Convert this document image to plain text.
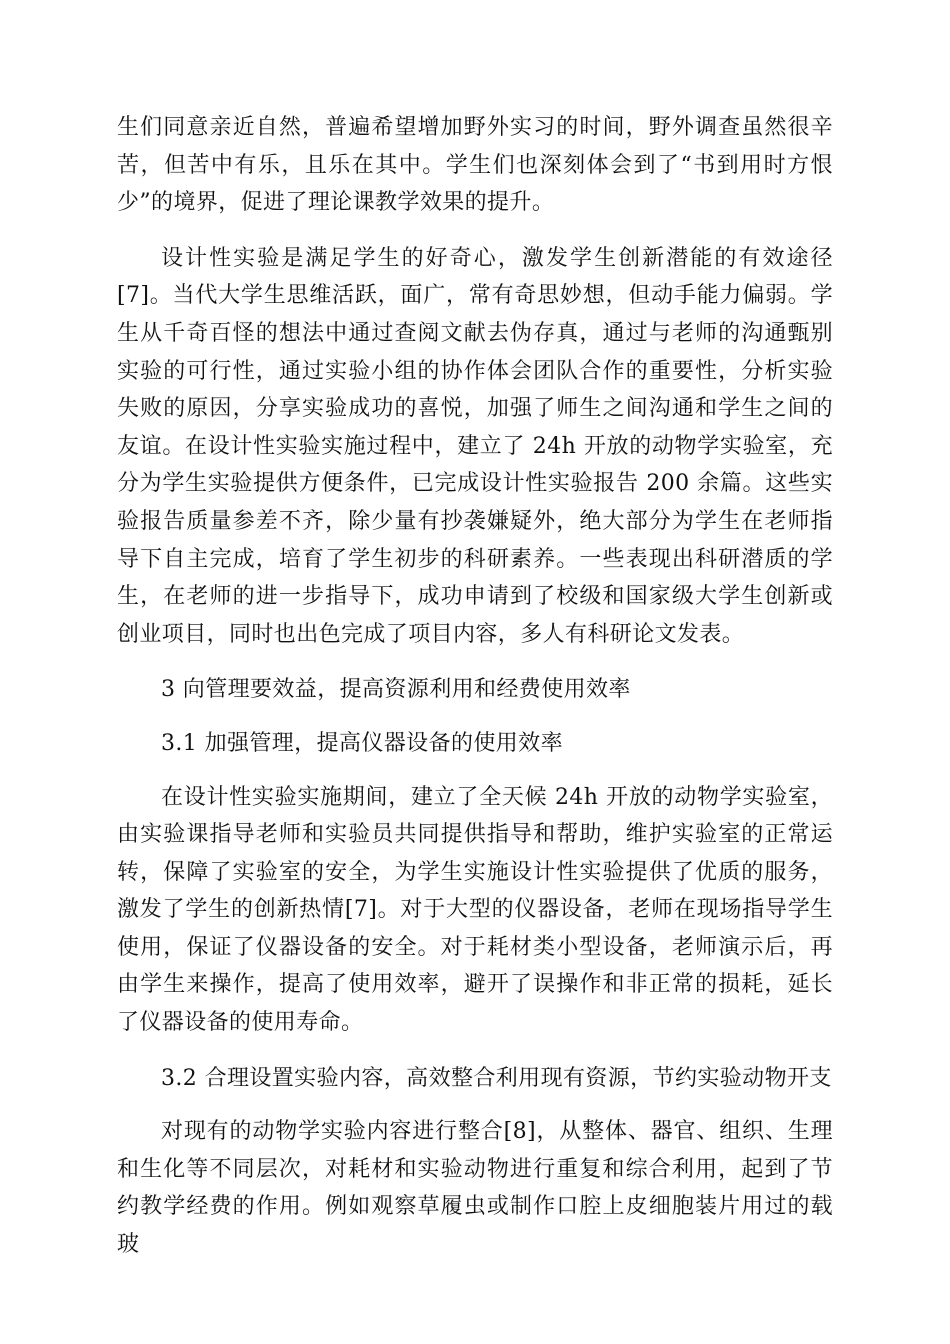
生们同意亲近自然，普遍希望增加野外实习的时间，野外调查虽然很辛苦，但苦中有乐，且乐在其中。学生们也深刻体会到了“书到用时方恨少”的境界，促进了理论课教学效果的提升。

设计性实验是满足学生的好奇心，激发学生创新潜能的有效途径[7]。当代大学生思维活跃，面广，常有奇思妙想，但动手能力偏弱。学生从千奇百怪的想法中通过查阅文献去伪存真，通过与老师的沟通甄别实验的可行性，通过实验小组的协作体会团队合作的重要性，分析实验失败的原因，分享实验成功的喜悦，加强了师生之间沟通和学生之间的友谊。在设计性实验实施过程中，建立了 24h 开放的动物学实验室，充分为学生实验提供方便条件，已完成设计性实验报告 200 余篇。这些实验报告质量参差不齐，除少量有抄袭嫌疑外，绝大部分为学生在老师指导下自主完成，培育了学生初步的科研素养。一些表现出科研潜质的学生，在老师的进一步指导下，成功申请到了校级和国家级大学生创新或创业项目，同时也出色完成了项目内容，多人有科研论文发表。

3 向管理要效益，提高资源利用和经费使用效率

3.1 加强管理，提高仪器设备的使用效率

在设计性实验实施期间，建立了全天候 24h 开放的动物学实验室，由实验课指导老师和实验员共同提供指导和帮助，维护实验室的正常运转，保障了实验室的安全，为学生实施设计性实验提供了优质的服务，激发了学生的创新热情[7]。对于大型的仪器设备，老师在现场指导学生使用，保证了仪器设备的安全。对于耗材类小型设备，老师演示后，再由学生来操作，提高了使用效率，避开了误操作和非正常的损耗，延长了仪器设备的使用寿命。

3.2 合理设置实验内容，高效整合利用现有资源，节约实验动物开支

对现有的动物学实验内容进行整合[8]，从整体、器官、组织、生理和生化等不同层次，对耗材和实验动物进行重复和综合利用，起到了节约教学经费的作用。例如观察草履虫或制作口腔上皮细胞装片用过的载玻
